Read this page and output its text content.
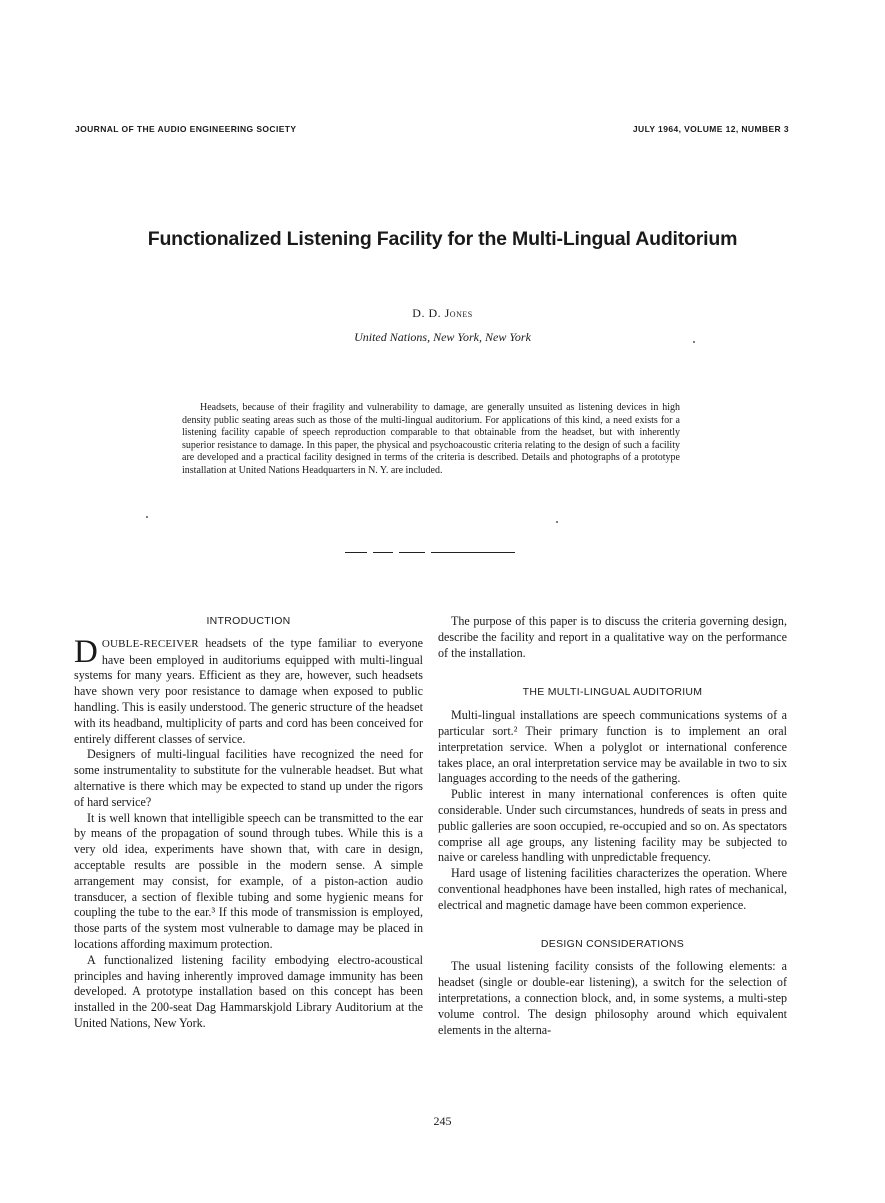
JOURNAL OF THE AUDIO ENGINEERING SOCIETY	JULY 1964, VOLUME 12, NUMBER 3
Functionalized Listening Facility for the Multi-Lingual Auditorium
D. D. Jones
United Nations, New York, New York

Headsets, because of their fragility and vulnerability to damage, are generally unsuited as listening devices in high density public seating areas such as those of the multi-lingual auditorium. For applications of this kind, a need exists for a listening facility capable of speech reproduction comparable to that obtainable from the headset, but with inherently superior resistance to damage. In this paper, the physical and psychoacoustic criteria relating to the design of such a facility are developed and a practical facility designed in terms of the criteria is described. Details and photographs of a prototype installation at United Nations Headquarters in N. Y. are included.

INTRODUCTION

DOUBLE-RECEIVER headsets of the type familiar to everyone have been employed in auditoriums equipped with multi-lingual systems for many years. Efficient as they are, however, such headsets have shown very poor resistance to damage when exposed to public handling. This is easily understood. The generic structure of the headset with its headband, multiplicity of parts and cord has been conceived for entirely different classes of service.

Designers of multi-lingual facilities have recognized the need for some instrumentality to substitute for the vulnerable headset. But what alternative is there which may be expected to stand up under the rigors of hard service?

It is well known that intelligible speech can be transmitted to the ear by means of the propagation of sound through tubes. While this is a very old idea, experiments have shown that, with care in design, acceptable results are possible in the modern sense. A simple arrangement may consist, for example, of a piston-action audio transducer, a section of flexible tubing and some hygienic means for coupling the tube to the ear.³ If this mode of transmission is employed, those parts of the system most vulnerable to damage may be placed in locations affording maximum protection.

A functionalized listening facility embodying electro-acoustical principles and having inherently improved damage immunity has been developed. A prototype installation based on this concept has been installed in the 200-seat Dag Hammarskjold Library Auditorium at the United Nations, New York.

The purpose of this paper is to discuss the criteria governing design, describe the facility and report in a qualitative way on the performance of the installation.

THE MULTI-LINGUAL AUDITORIUM

Multi-lingual installations are speech communications systems of a particular sort.² Their primary function is to implement an oral interpretation service. When a polyglot or international conference takes place, an oral interpretation service may be available in two to six languages according to the needs of the gathering.

Public interest in many international conferences is often quite considerable. Under such circumstances, hundreds of seats in press and public galleries are soon occupied, re-occupied and so on. As spectators comprise all age groups, any listening facility may be subjected to naive or careless handling with unpredictable frequency.

Hard usage of listening facilities characterizes the operation. Where conventional headphones have been installed, high rates of mechanical, electrical and magnetic damage have been common experience.

DESIGN CONSIDERATIONS

The usual listening facility consists of the following elements: a headset (single or double-ear listening), a switch for the selection of interpretations, a connection block, and, in some systems, a multi-step volume control. The design philosophy around which equivalent elements in the alterna-

245
